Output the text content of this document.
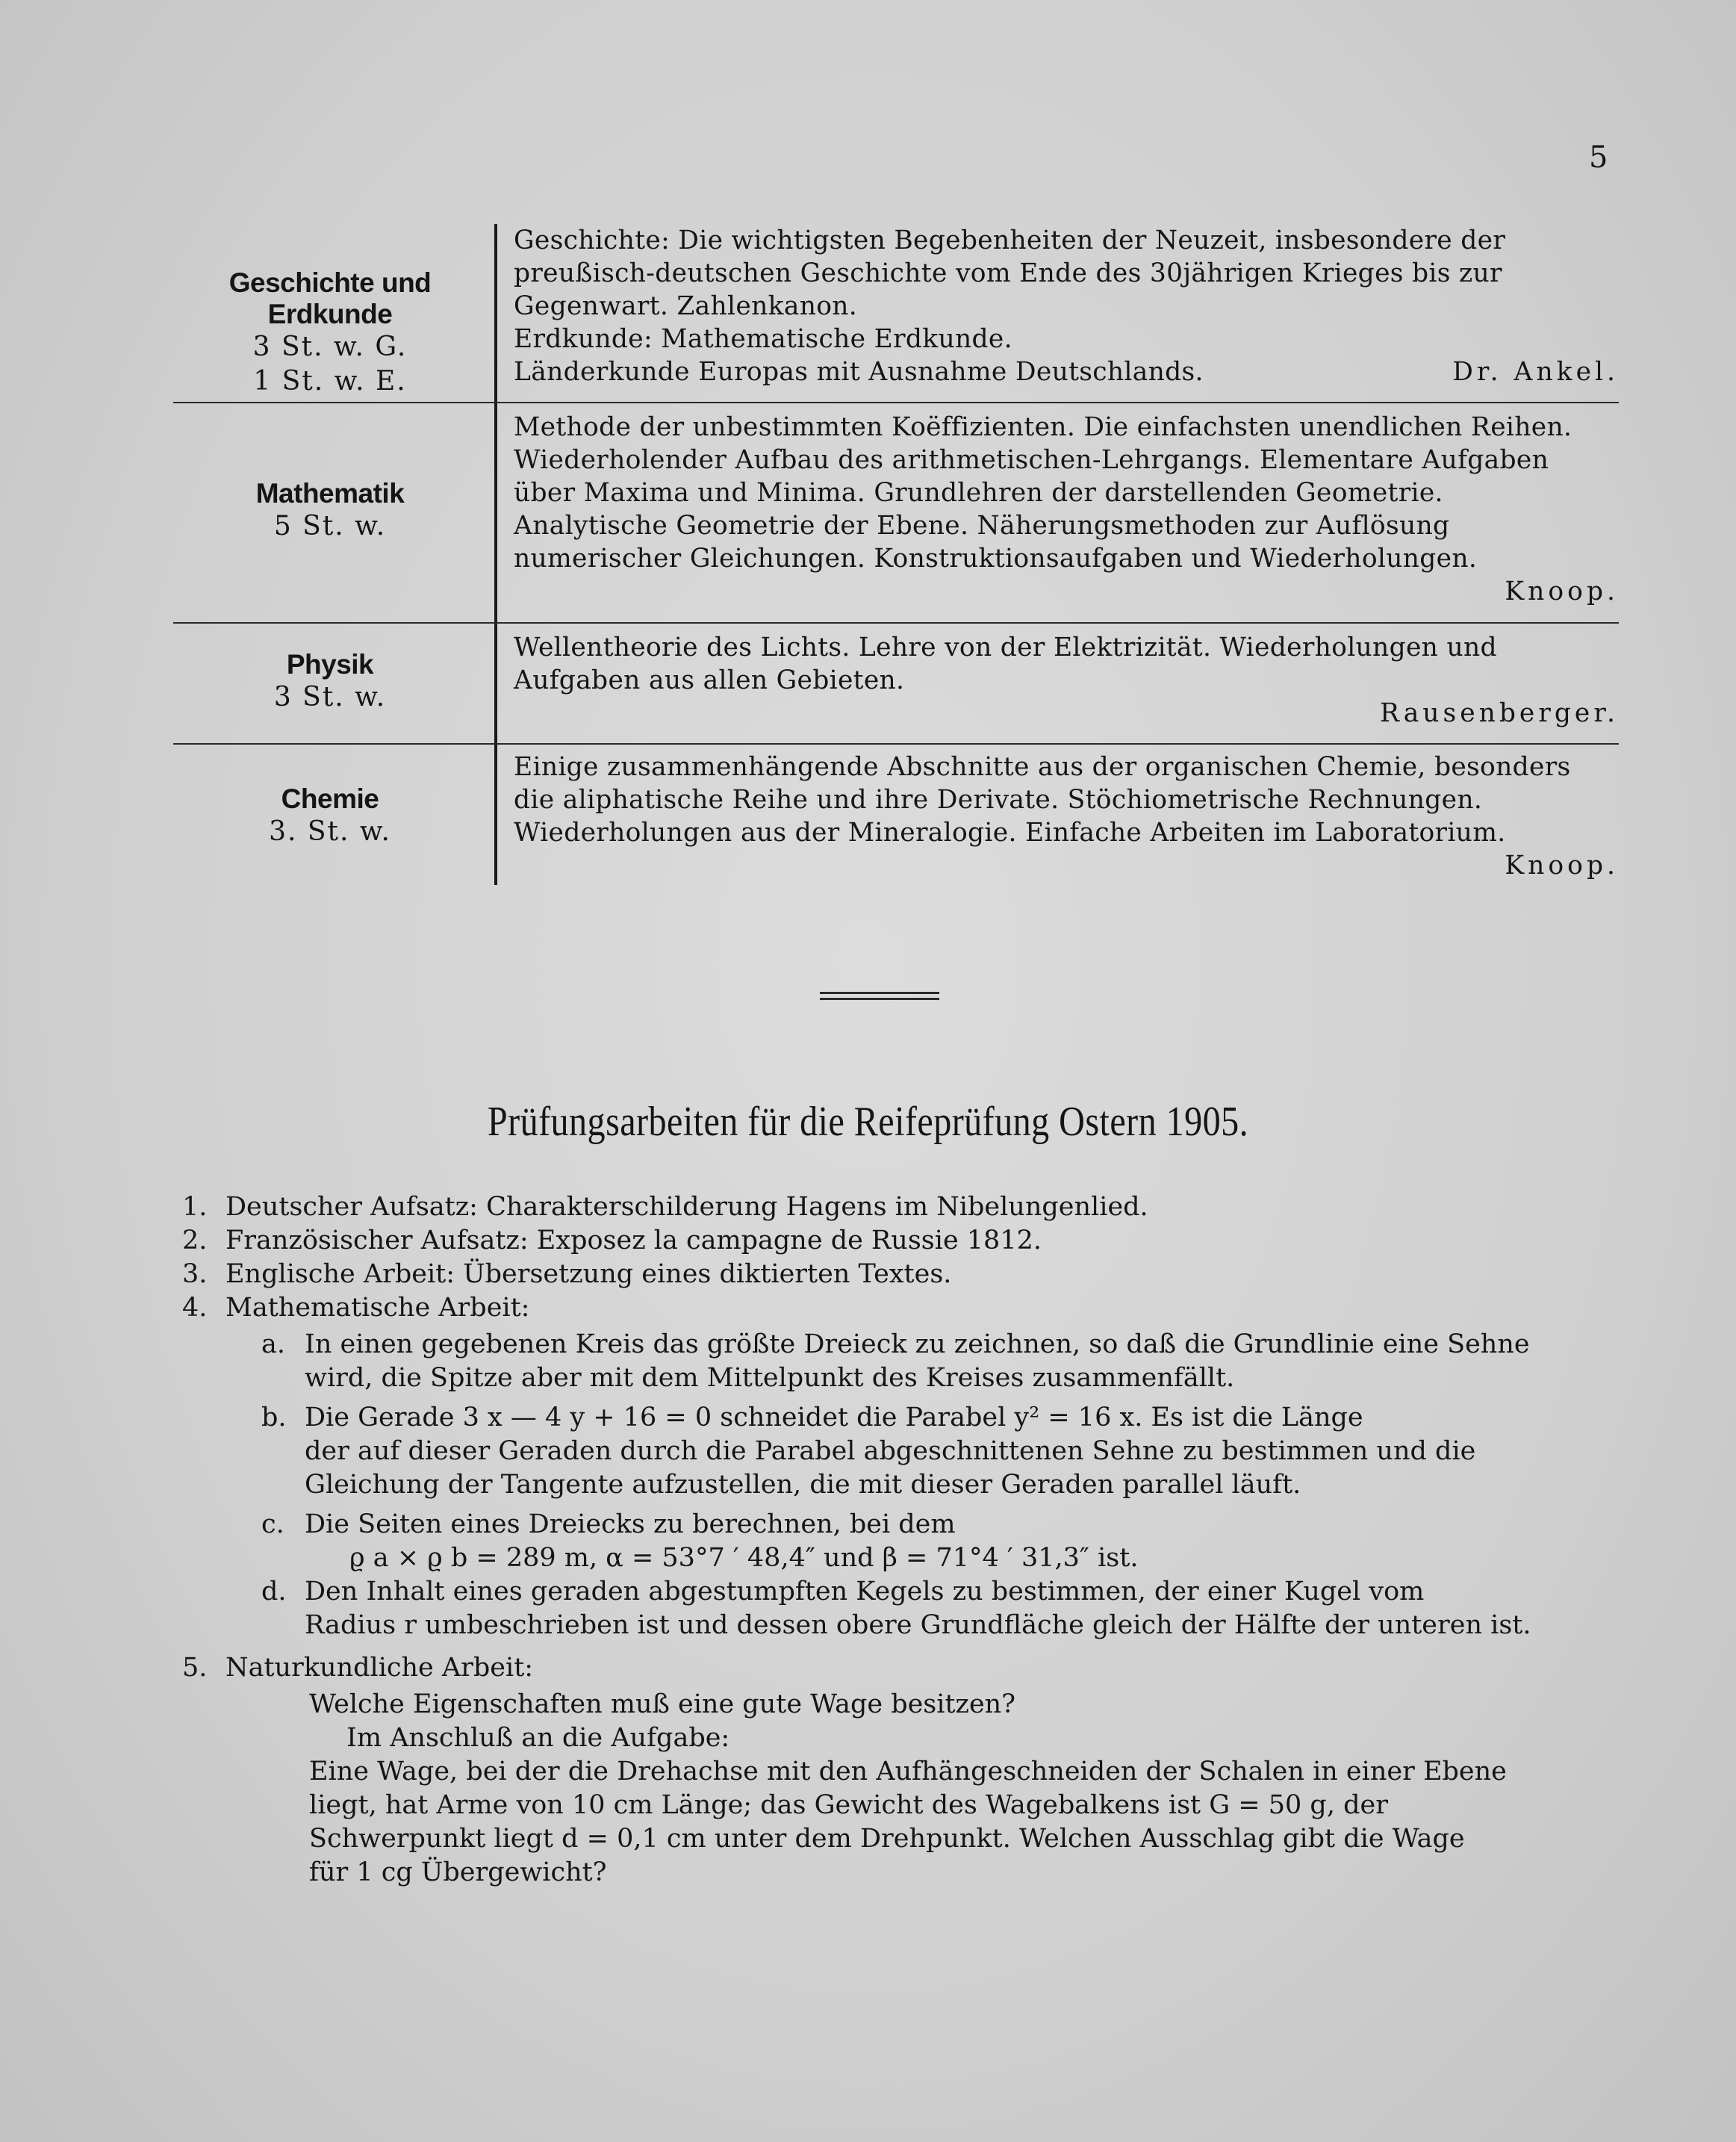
5
Geschichte und Erdkunde
3 St. w. G.
1 St. w. E.
Geschichte: Die wichtigsten Begebenheiten der Neuzeit, insbesondere der
preußisch-deutschen Geschichte vom Ende des 30jährigen Krieges bis zur
Gegenwart. Zahlenkanon.
Erdkunde: Mathematische Erdkunde.
Länderkunde Europas mit Ausnahme Deutschlands.	Dr. Ankel.
Mathematik
5 St. w.
Methode der unbestimmten Koëffizienten. Die einfachsten unendlichen Reihen.
Wiederholender Aufbau des arithmetischen-Lehrgangs. Elementare Aufgaben
über Maxima und Minima. Grundlehren der darstellenden Geometrie.
Analytische Geometrie der Ebene. Näherungsmethoden zur Auflösung
numerischer Gleichungen. Konstruktionsaufgaben und Wiederholungen.
Knoop.
Physik
3 St. w.
Wellentheorie des Lichts. Lehre von der Elektrizität. Wiederholungen und
Aufgaben aus allen Gebieten.
Rausenberger.
Chemie
3. St. w.
Einige zusammenhängende Abschnitte aus der organischen Chemie, besonders
die aliphatische Reihe und ihre Derivate. Stöchiometrische Rechnungen.
Wiederholungen aus der Mineralogie. Einfache Arbeiten im Laboratorium.
Knoop.
Prüfungsarbeiten für die Reifeprüfung Ostern 1905.
1. Deutscher Aufsatz: Charakterschilderung Hagens im Nibelungenlied.
2. Französischer Aufsatz: Exposez la campagne de Russie 1812.
3. Englische Arbeit: Übersetzung eines diktierten Textes.
4. Mathematische Arbeit:
a. In einen gegebenen Kreis das größte Dreieck zu zeichnen, so daß die Grundlinie eine Sehne
wird, die Spitze aber mit dem Mittelpunkt des Kreises zusammenfällt.
b. Die Gerade 3 x — 4 y + 16 = 0 schneidet die Parabel y² = 16 x. Es ist die Länge
der auf dieser Geraden durch die Parabel abgeschnittenen Sehne zu bestimmen und die
Gleichung der Tangente aufzustellen, die mit dieser Geraden parallel läuft.
c. Die Seiten eines Dreiecks zu berechnen, bei dem
ϱ a × ϱ b = 289 m, α = 53°7 ′ 48,4″ und β = 71°4 ′ 31,3″ ist.
d. Den Inhalt eines geraden abgestumpften Kegels zu bestimmen, der einer Kugel vom
Radius r umbeschrieben ist und dessen obere Grundfläche gleich der Hälfte der unteren ist.
5. Naturkundliche Arbeit:
Welche Eigenschaften muß eine gute Wage besitzen?
Im Anschluß an die Aufgabe:
Eine Wage, bei der die Drehachse mit den Aufhängeschneiden der Schalen in einer Ebene
liegt, hat Arme von 10 cm Länge; das Gewicht des Wagebalkens ist G = 50 g, der
Schwerpunkt liegt d = 0,1 cm unter dem Drehpunkt. Welchen Ausschlag gibt die Wage
für 1 cg Übergewicht?
